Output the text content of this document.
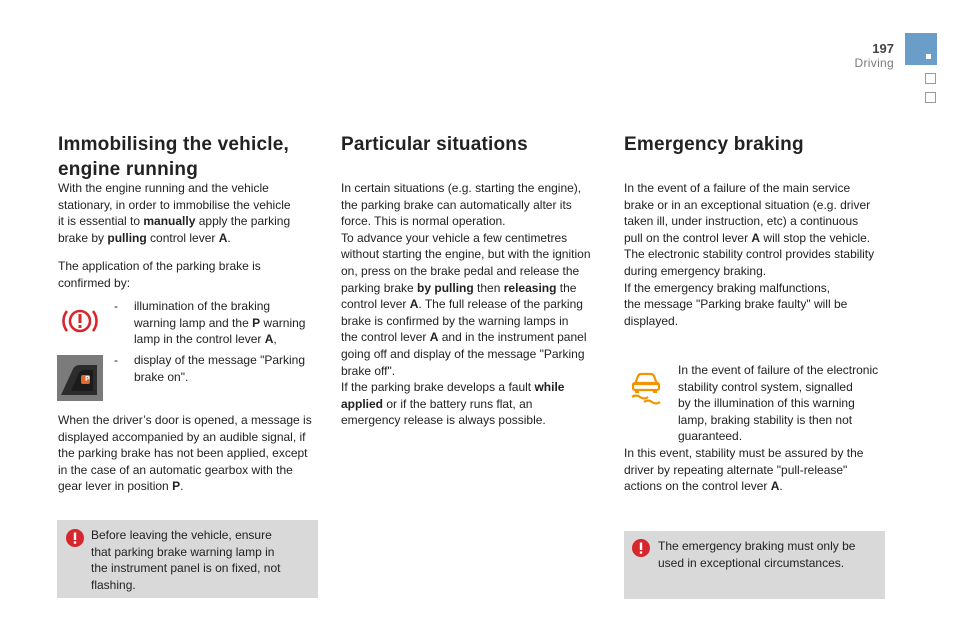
197
Driving
Immobilising the vehicle,
engine running

With the engine running and the vehicle
stationary, in order to immobilise the vehicle
it is essential to manually apply the parking
brake by pulling control lever A.

The application of the parking brake is
confirmed by:

- illumination of the braking
warning lamp and the P warning
lamp in the control lever A,
P
- display of the message "Parking
brake on".

When the driver’s door is opened, a message is
displayed accompanied by an audible signal, if
the parking brake has not been applied, except
in the case of an automatic gearbox with the
gear lever in position P.

Before leaving the vehicle, ensure
that parking brake warning lamp in
the instrument panel is on fixed, not
flashing.
Particular situations

In certain situations (e.g. starting the engine),
the parking brake can automatically alter its
force. This is normal operation.
To advance your vehicle a few centimetres
without starting the engine, but with the ignition
on, press on the brake pedal and release the
parking brake by pulling then releasing the
control lever A. The full release of the parking
brake is confirmed by the warning lamps in
the control lever A and in the instrument panel
going off and display of the message "Parking
brake off".
If the parking brake develops a fault while
applied or if the battery runs flat, an
emergency release is always possible.

Emergency braking

In the event of a failure of the main service
brake or in an exceptional situation (e.g. driver
taken ill, under instruction, etc) a continuous
pull on the control lever A will stop the vehicle.
The electronic stability control provides stability
during emergency braking.
If the emergency braking malfunctions,
the message "Parking brake faulty" will be
displayed.

In the event of failure of the electronic
stability control system, signalled
by the illumination of this warning
lamp, braking stability is then not
guaranteed.

In this event, stability must be assured by the
driver by repeating alternate "pull-release"
actions on the control lever A.

The emergency braking must only be
used in exceptional circumstances.
